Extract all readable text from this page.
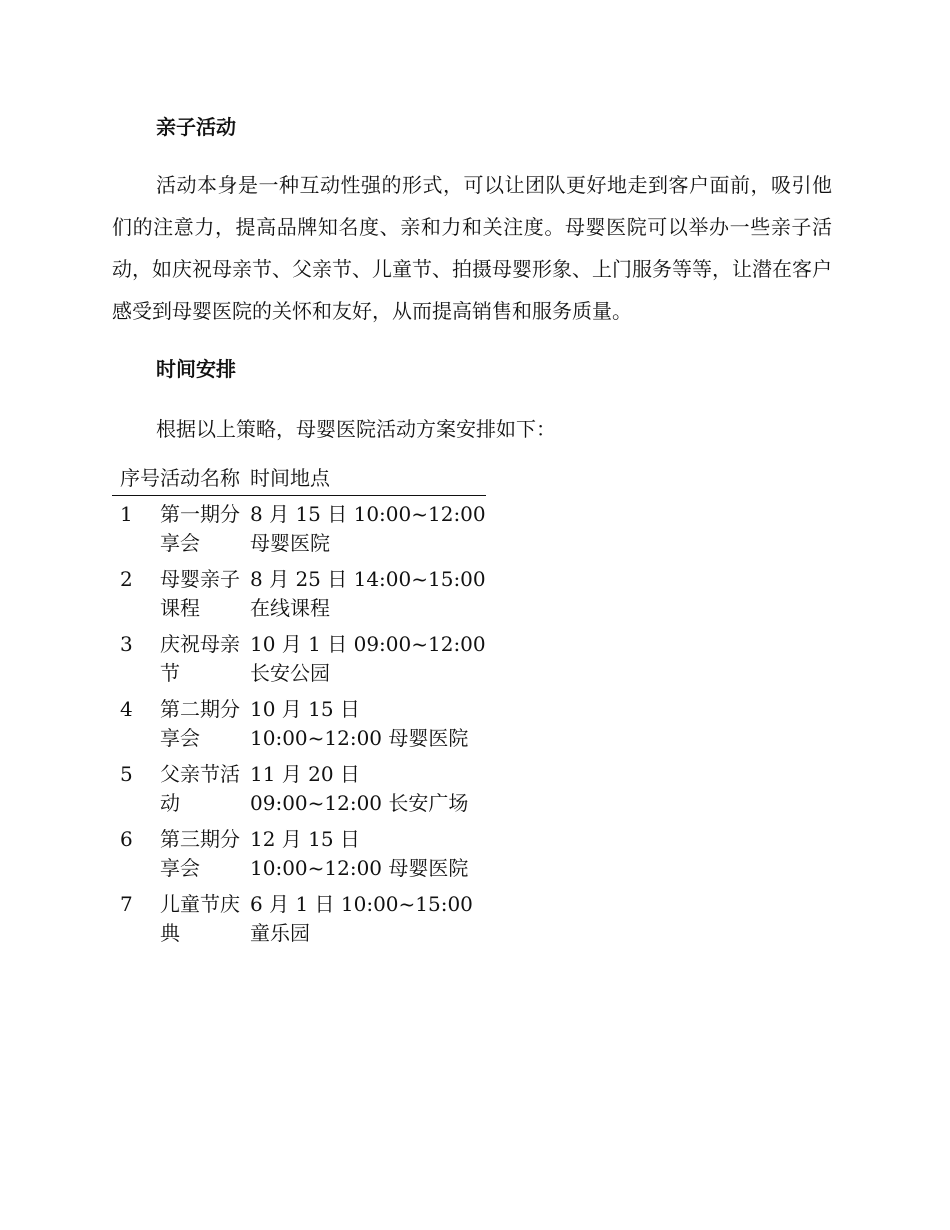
亲子活动

活动本身是一种互动性强的形式，可以让团队更好地走到客户面前，吸引他们的注意力，提高品牌知名度、亲和力和关注度。母婴医院可以举办一些亲子活动，如庆祝母亲节、父亲节、儿童节、拍摄母婴形象、上门服务等等，让潜在客户感受到母婴医院的关怀和友好，从而提高销售和服务质量。

时间安排

根据以上策略，母婴医院活动方案安排如下：

序号	活动名称	时间地点
1	第一期分享会	8 月 15 日 10:00~12:00 母婴医院
2	母婴亲子课程	8 月 25 日 14:00~15:00 在线课程
3	庆祝母亲节	10 月 1 日 09:00~12:00 长安公园
4	第二期分享会	10 月 15 日 10:00~12:00 母婴医院
5	父亲节活动	11 月 20 日 09:00~12:00 长安广场
6	第三期分享会	12 月 15 日 10:00~12:00 母婴医院
7	儿童节庆典	6 月 1 日 10:00~15:00 童乐园
